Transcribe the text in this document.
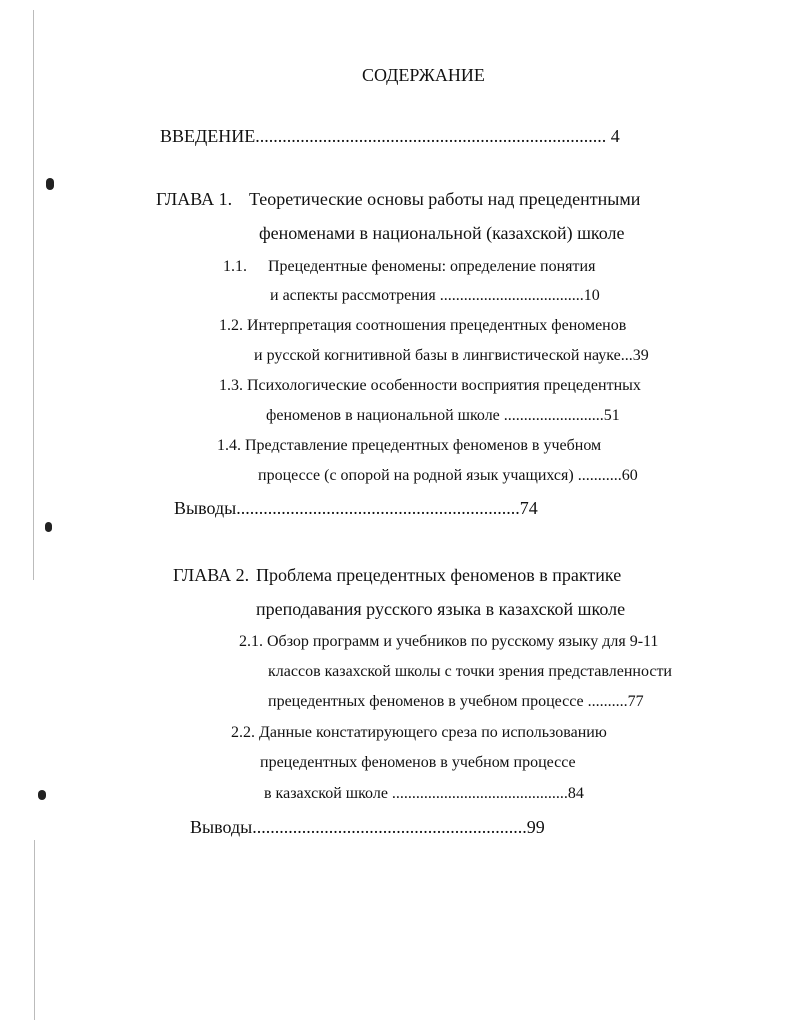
СОДЕРЖАНИЕ
ВВЕДЕНИЕ.............................................................................. 4
ГЛАВА 1. Теоретические основы работы над прецедентными
феноменами в национальной (казахской) школе
1.1. Прецедентные феномены: определение понятия
и аспекты рассмотрения ....................................10
1.2. Интерпретация соотношения прецедентных феноменов
и русской когнитивной базы в лингвистической науке...39
1.3. Психологические особенности восприятия прецедентных
феноменов в национальной школе .........................51
1.4. Представление прецедентных феноменов в учебном
процессе (с опорой на родной язык учащихся) ...........60
Выводы...............................................................74
ГЛАВА 2. Проблема прецедентных феноменов в практике
преподавания русского языка в казахской школе
2.1. Обзор программ и учебников по русскому языку для 9-11
классов казахской школы с точки зрения представленности
прецедентных феноменов в учебном процессе ..........77
2.2. Данные констатирующего среза по использованию
прецедентных феноменов в учебном процессе
в казахской школе ............................................84
Выводы.............................................................99
